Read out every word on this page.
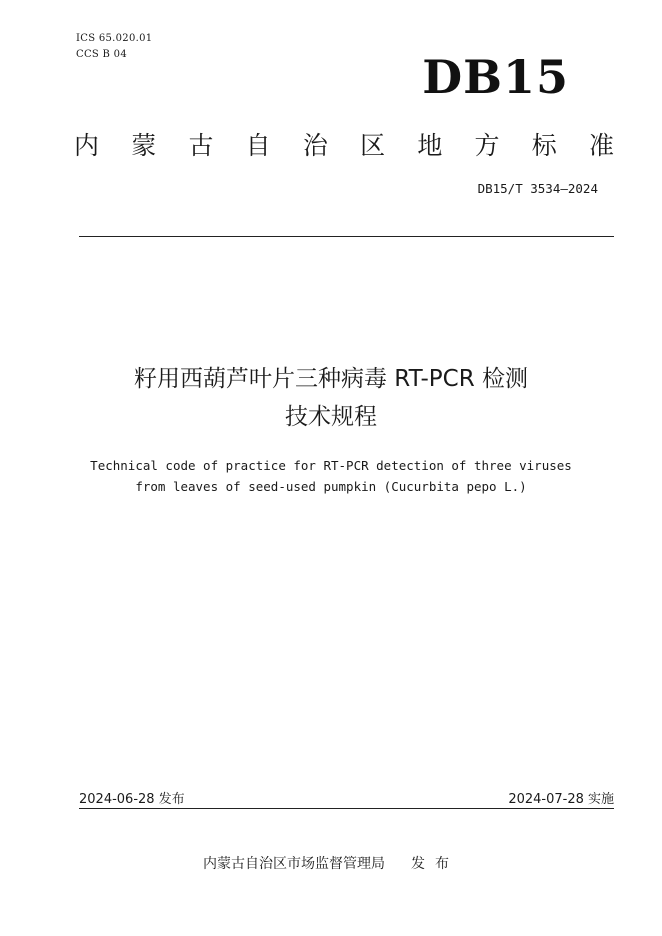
ICS 65.020.01
CCS B 04	DB15
内 蒙 古 自 治 区 地 方 标 准
DB15/T 3534—2024
籽用西葫芦叶片三种病毒 RT-PCR 检测
技术规程
Technical code of practice for RT-PCR detection of three viruses
from leaves of seed-used pumpkin (Cucurbita pepo L.)
2024-06-28 发布	2024-07-28 实施
内蒙古自治区市场监督管理局 发布
